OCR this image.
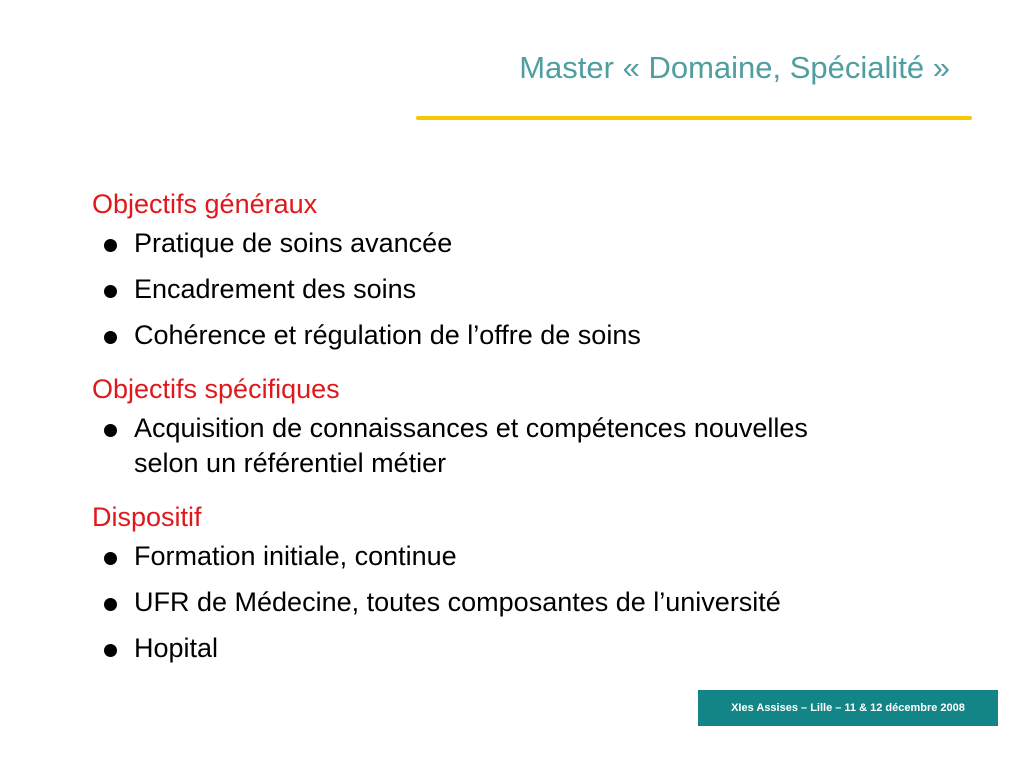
Master « Domaine, Spécialité »
Objectifs généraux
Pratique de soins avancée
Encadrement des soins
Cohérence et régulation de l’offre de soins
Objectifs spécifiques
Acquisition de connaissances et compétences nouvelles selon un référentiel métier
Dispositif
Formation initiale, continue
UFR de Médecine, toutes composantes de l’université
Hopital
XIes Assises – Lille – 11 & 12 décembre 2008
